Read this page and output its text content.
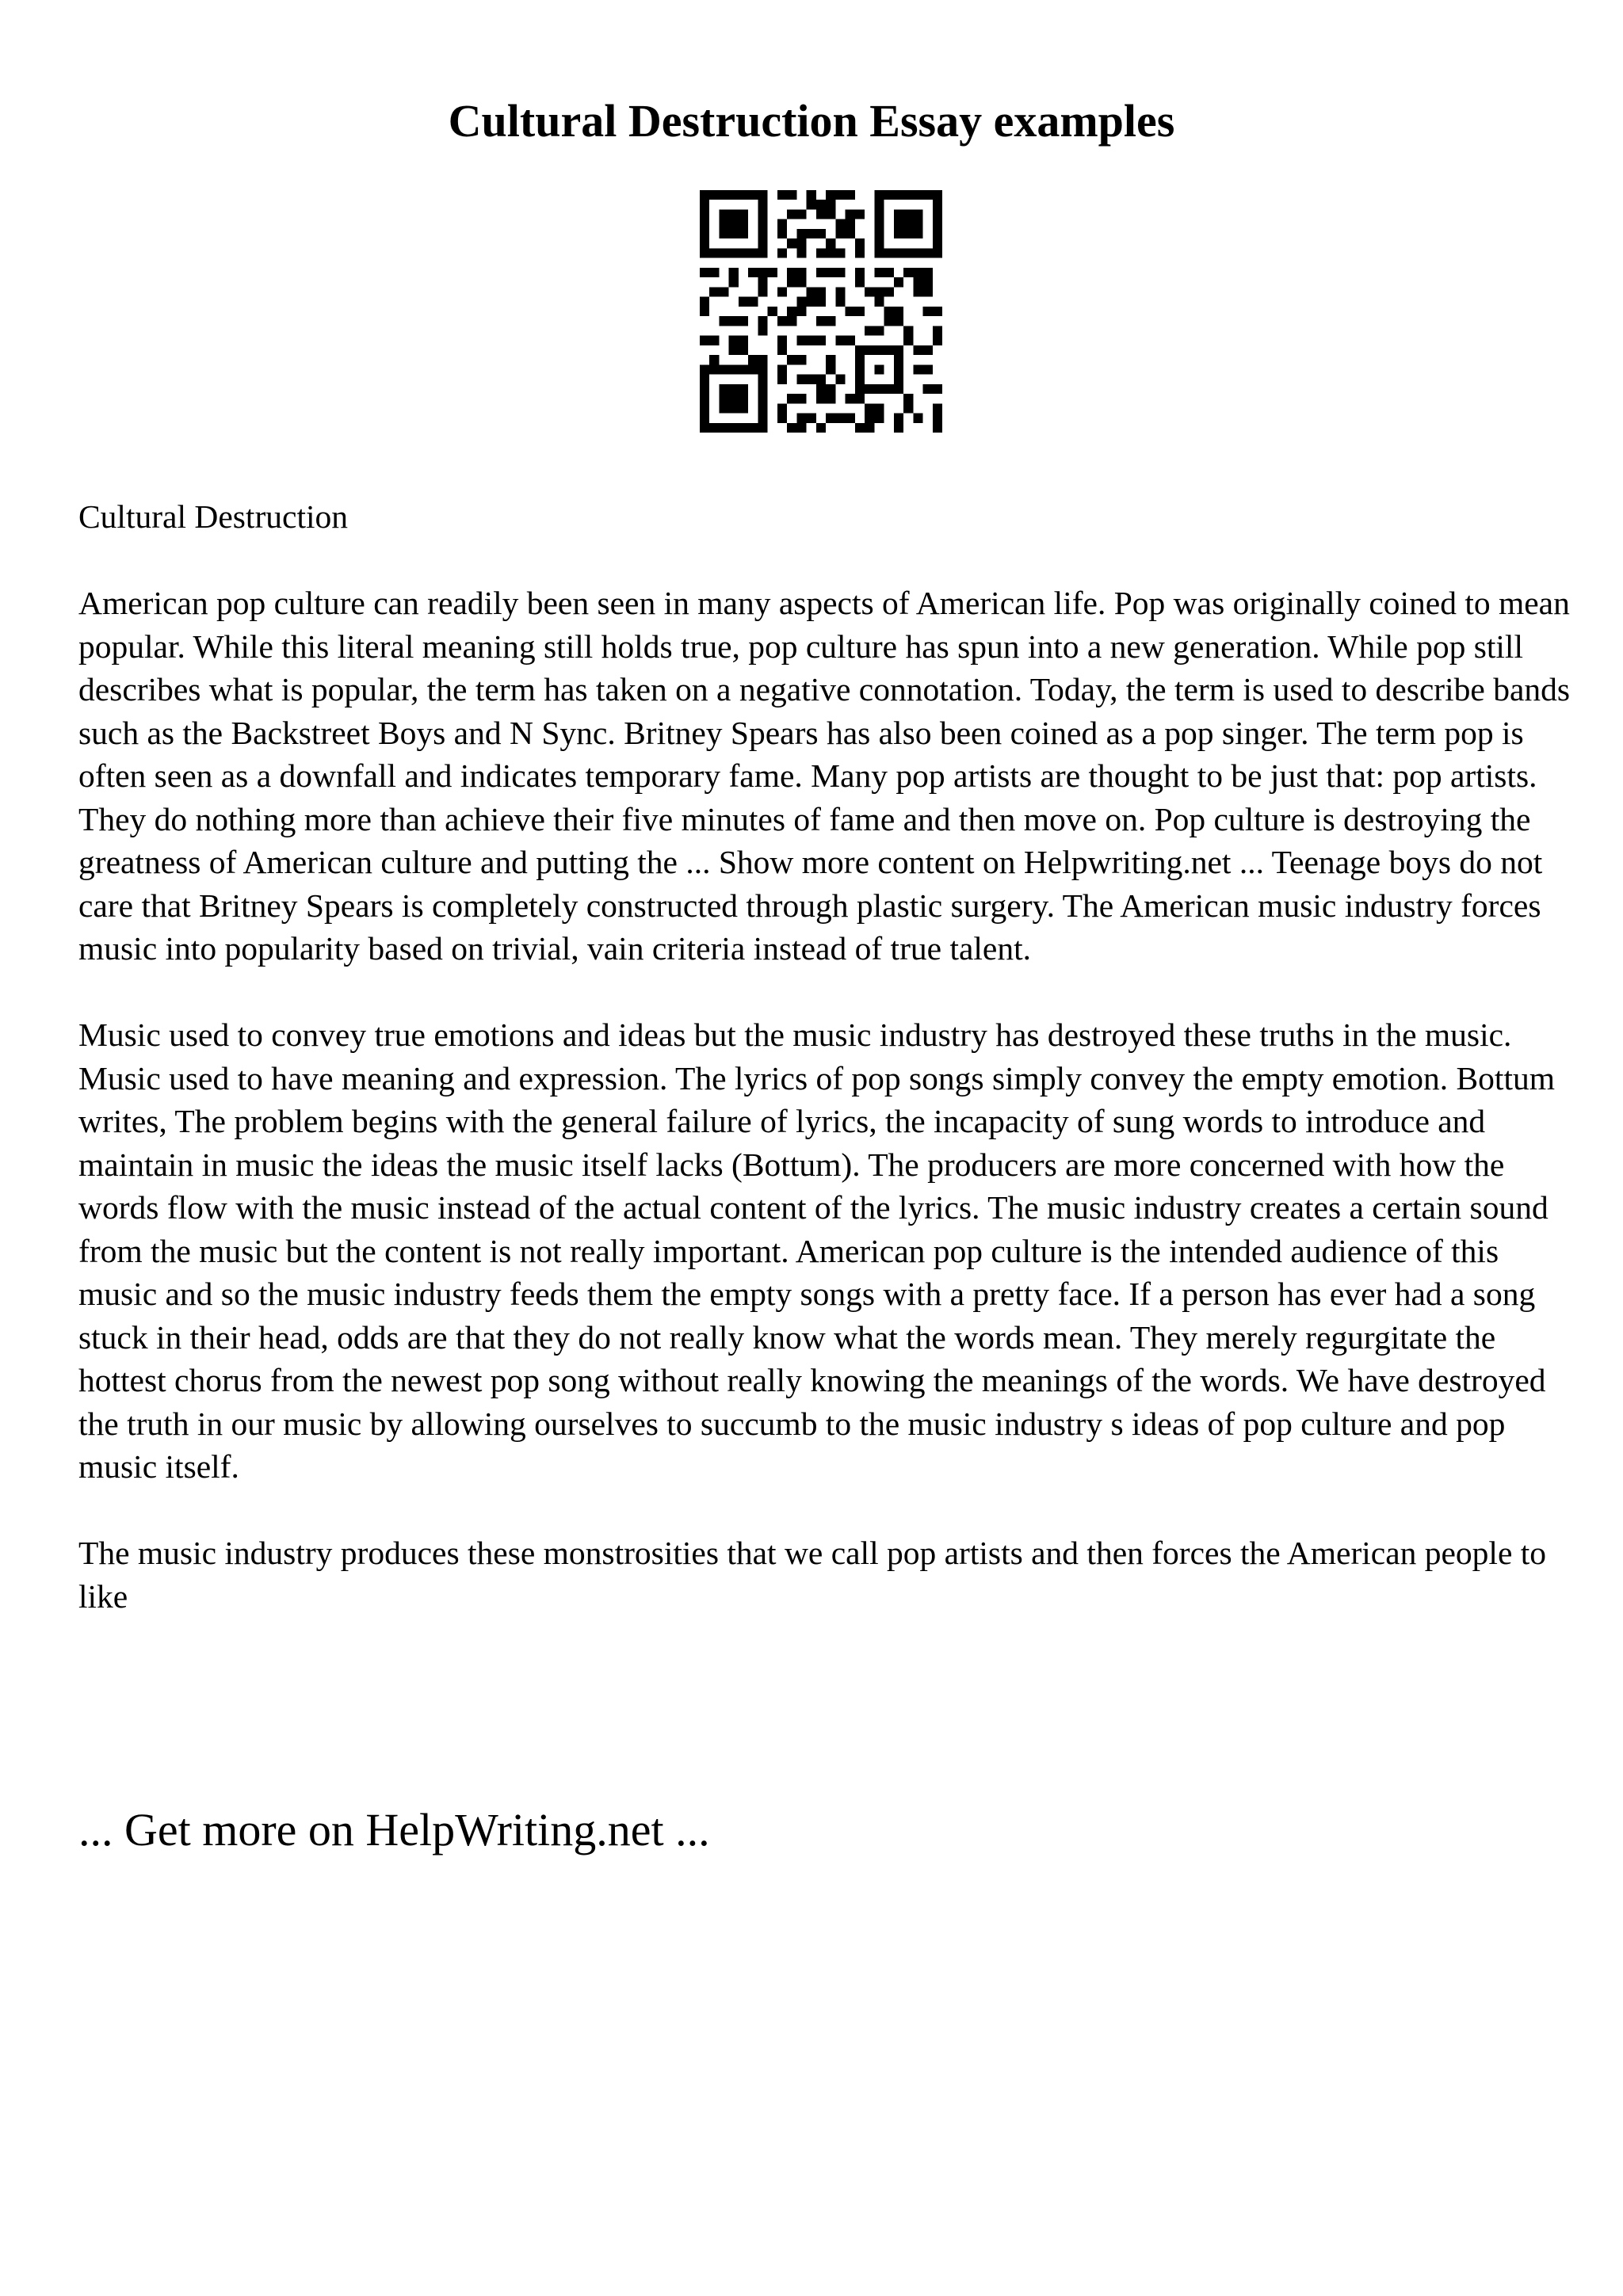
Cultural Destruction Essay examples

Cultural Destruction

American pop culture can readily been seen in many aspects of American life. Pop was originally coined to mean popular. While this literal meaning still holds true, pop culture has spun into a new generation. While pop still describes what is popular, the term has taken on a negative connotation. Today, the term is used to describe bands such as the Backstreet Boys and N Sync. Britney Spears has also been coined as a pop singer. The term pop is often seen as a downfall and indicates temporary fame. Many pop artists are thought to be just that: pop artists. They do nothing more than achieve their five minutes of fame and then move on. Pop culture is destroying the greatness of American culture and putting the ... Show more content on Helpwriting.net ... Teenage boys do not care that Britney Spears is completely constructed through plastic surgery. The American music industry forces music into popularity based on trivial, vain criteria instead of true talent.

Music used to convey true emotions and ideas but the music industry has destroyed these truths in the music. Music used to have meaning and expression. The lyrics of pop songs simply convey the empty emotion. Bottum writes, The problem begins with the general failure of lyrics, the incapacity of sung words to introduce and maintain in music the ideas the music itself lacks (Bottum). The producers are more concerned with how the words flow with the music instead of the actual content of the lyrics. The music industry creates a certain sound from the music but the content is not really important. American pop culture is the intended audience of this music and so the music industry feeds them the empty songs with a pretty face. If a person has ever had a song stuck in their head, odds are that they do not really know what the words mean. They merely regurgitate the hottest chorus from the newest pop song without really knowing the meanings of the words. We have destroyed the truth in our music by allowing ourselves to succumb to the music industry s ideas of pop culture and pop music itself.

The music industry produces these monstrosities that we call pop artists and then forces the American people to like

... Get more on HelpWriting.net ...
